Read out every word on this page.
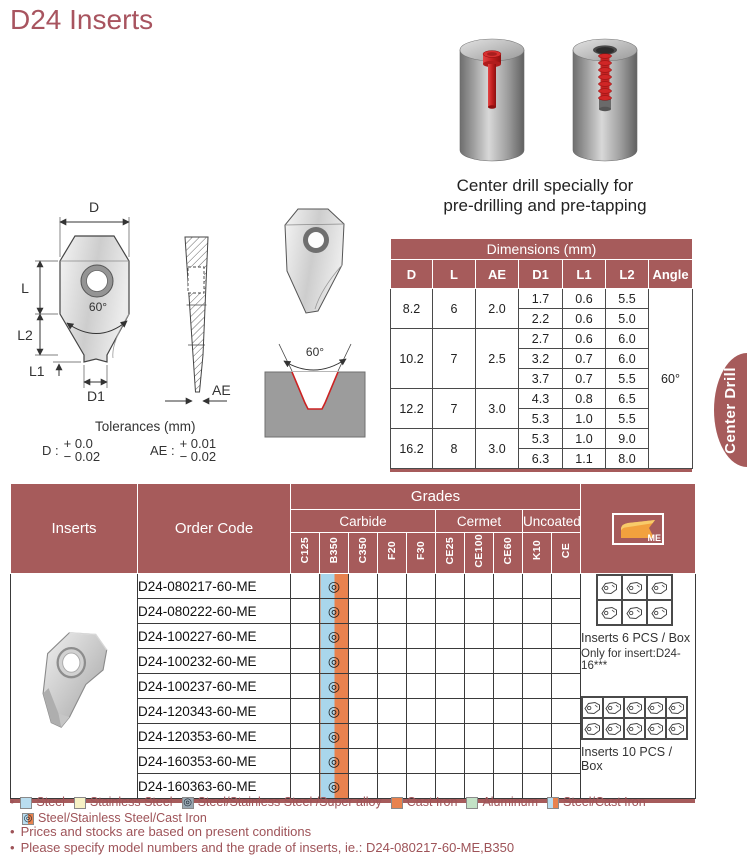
D24 Inserts
Center drill specially for
pre-drilling and pre-tapping
60°
D
L
L2
L1
D1	AE
60°
Tolerances (mm)
D : + 0.0
− 0.02	AE : + 0.01
− 0.02
Dimensions (mm)						
D	L	AE	D1	L1	L2	Angle
8.2	6	2.0	1.7	0.6	5.5	60°
			2.2	0.6	5.0	
10.2	7	2.5	2.7	0.6	6.0	
			3.2	0.7	6.0	
			3.7	0.7	5.5	
12.2	7	3.0	4.3	0.8	6.5	
			5.3	1.0	5.5	
16.2	8	3.0	5.3	1.0	9.0	
			6.3	1.1	8.0	
Center Drill
Inserts	Order Code	Grades										ME

		Carbide					Cermet			Uncoated		
		C125	B350	C350	F20	F30	CE25	CE100	CE60	K10	CE	
	D24-080217-60-ME		◎									Inserts 6 PCS / Box
Only for insert:D24-16***
Inserts 10 PCS / Box

	D24-080222-60-ME		◎									
	D24-100227-60-ME		◎									
	D24-100232-60-ME		◎									
	D24-100237-60-ME		◎									
	D24-120343-60-ME		◎									
	D24-120353-60-ME		◎									
	D24-160353-60-ME		◎									
	D24-160363-60-ME		◎									
• Steel Stainless Steel ◎ Steel/Stainless Steel /Super alloy Cast Iron Aluminum Steel/Cast Iron
◎ Steel/Stainless Steel/Cast Iron
• Prices and stocks are based on present conditions
• Please specify model numbers and the grade of inserts, ie.: D24-080217-60-ME,B350
